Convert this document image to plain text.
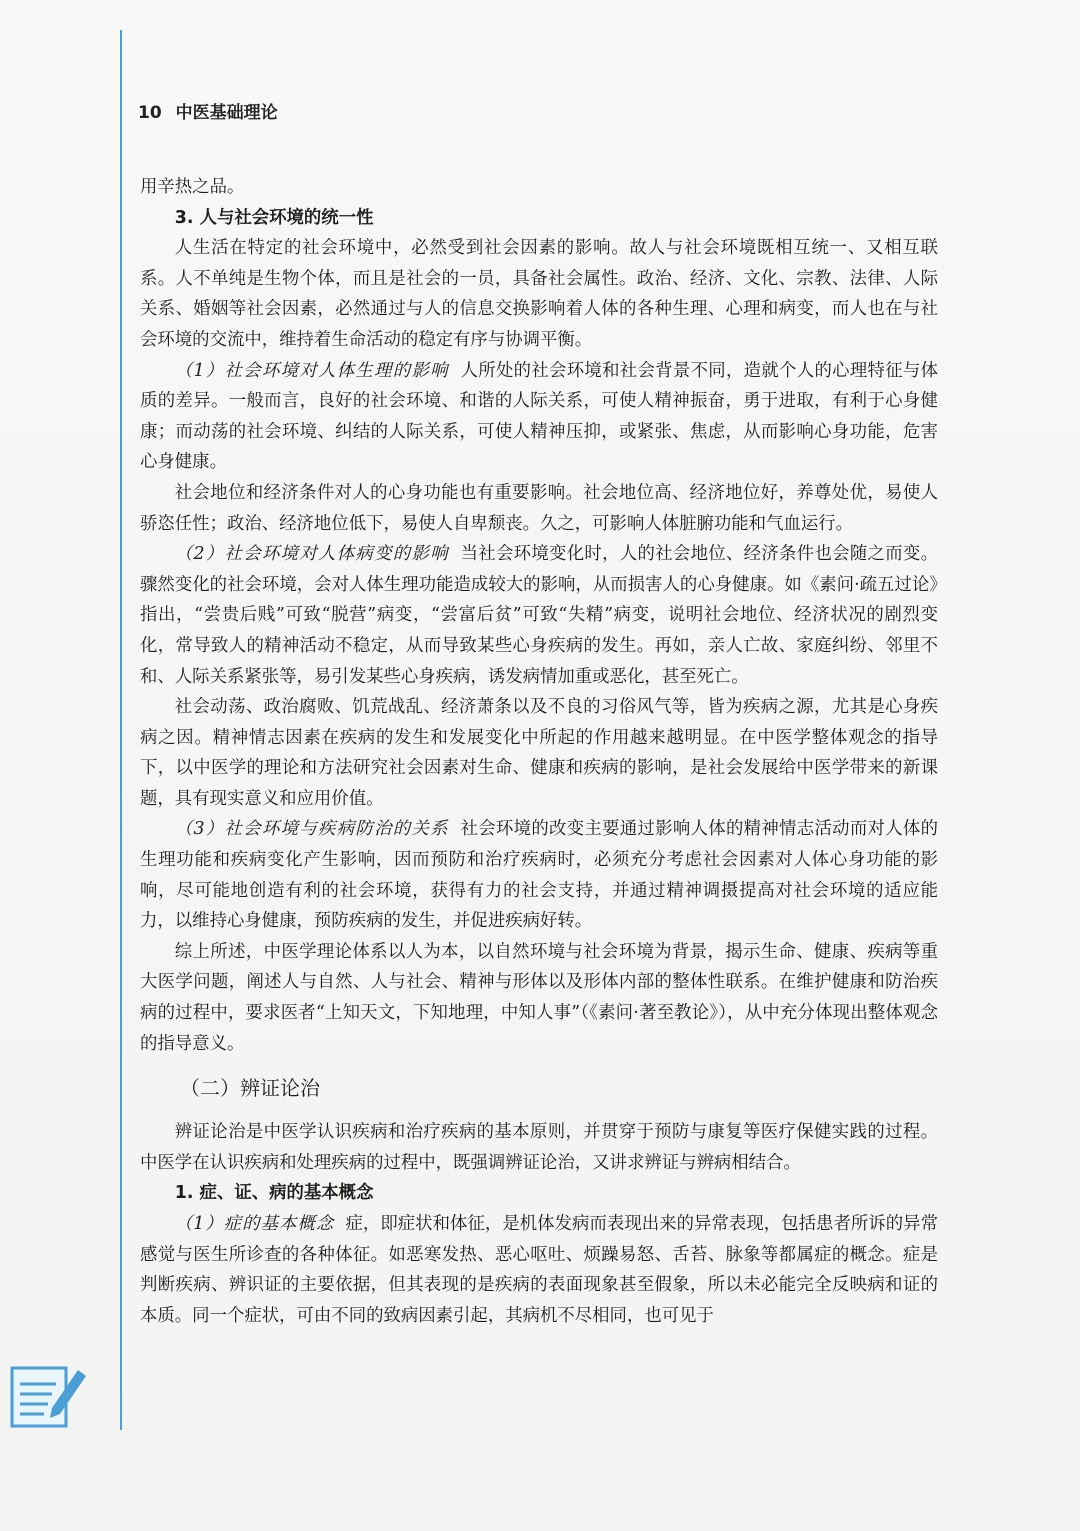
10 中医基础理论

用辛热之品。

3. 人与社会环境的统一性

人生活在特定的社会环境中，必然受到社会因素的影响。故人与社会环境既相互统一、又相互联系。人不单纯是生物个体，而且是社会的一员，具备社会属性。政治、经济、文化、宗教、法律、人际关系、婚姻等社会因素，必然通过与人的信息交换影响着人体的各种生理、心理和病变，而人也在与社会环境的交流中，维持着生命活动的稳定有序与协调平衡。

（1）社会环境对人体生理的影响 人所处的社会环境和社会背景不同，造就个人的心理特征与体质的差异。一般而言，良好的社会环境、和谐的人际关系，可使人精神振奋，勇于进取，有利于心身健康；而动荡的社会环境、纠结的人际关系，可使人精神压抑，或紧张、焦虑，从而影响心身功能，危害心身健康。

社会地位和经济条件对人的心身功能也有重要影响。社会地位高、经济地位好，养尊处优，易使人骄恣任性；政治、经济地位低下，易使人自卑颓丧。久之，可影响人体脏腑功能和气血运行。

（2）社会环境对人体病变的影响 当社会环境变化时，人的社会地位、经济条件也会随之而变。骤然变化的社会环境，会对人体生理功能造成较大的影响，从而损害人的心身健康。如《素问·疏五过论》指出，“尝贵后贱”可致“脱营”病变，“尝富后贫”可致“失精”病变，说明社会地位、经济状况的剧烈变化，常导致人的精神活动不稳定，从而导致某些心身疾病的发生。再如，亲人亡故、家庭纠纷、邻里不和、人际关系紧张等，易引发某些心身疾病，诱发病情加重或恶化，甚至死亡。

社会动荡、政治腐败、饥荒战乱、经济萧条以及不良的习俗风气等，皆为疾病之源，尤其是心身疾病之因。精神情志因素在疾病的发生和发展变化中所起的作用越来越明显。在中医学整体观念的指导下，以中医学的理论和方法研究社会因素对生命、健康和疾病的影响，是社会发展给中医学带来的新课题，具有现实意义和应用价值。

（3）社会环境与疾病防治的关系 社会环境的改变主要通过影响人体的精神情志活动而对人体的生理功能和疾病变化产生影响，因而预防和治疗疾病时，必须充分考虑社会因素对人体心身功能的影响，尽可能地创造有利的社会环境，获得有力的社会支持，并通过精神调摄提高对社会环境的适应能力，以维持心身健康，预防疾病的发生，并促进疾病好转。

综上所述，中医学理论体系以人为本，以自然环境与社会环境为背景，揭示生命、健康、疾病等重大医学问题，阐述人与自然、人与社会、精神与形体以及形体内部的整体性联系。在维护健康和防治疾病的过程中，要求医者“上知天文，下知地理，中知人事”（《素问·著至教论》），从中充分体现出整体观念的指导意义。

（二）辨证论治

辨证论治是中医学认识疾病和治疗疾病的基本原则，并贯穿于预防与康复等医疗保健实践的过程。中医学在认识疾病和处理疾病的过程中，既强调辨证论治，又讲求辨证与辨病相结合。

1. 症、证、病的基本概念

（1）症的基本概念 症，即症状和体征，是机体发病而表现出来的异常表现，包括患者所诉的异常感觉与医生所诊查的各种体征。如恶寒发热、恶心呕吐、烦躁易怒、舌苔、脉象等都属症的概念。症是判断疾病、辨识证的主要依据，但其表现的是疾病的表面现象甚至假象，所以未必能完全反映病和证的本质。同一个症状，可由不同的致病因素引起，其病机不尽相同，也可见于
